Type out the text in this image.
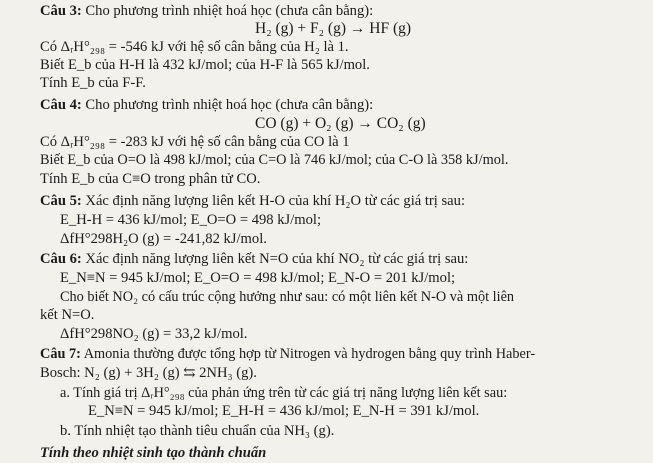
Câu 3: Cho phương trình nhiệt hoá học (chưa cân bằng):
H₂ (g) + F₂ (g) → HF (g)
Có ΔᵣH°₂₉₈ = -546 kJ với hệ số cân bằng của H₂ là 1.
Biết E_b của H-H là 432 kJ/mol; của H-F là 565 kJ/mol.
Tính E_b của F-F.
Câu 4: Cho phương trình nhiệt hoá học (chưa cân bằng):
CO (g) + O₂ (g) → CO₂ (g)
Có ΔᵣH°₂₉₈ = -283 kJ với hệ số cân bằng của CO là 1
Biết E_b của O=O là 498 kJ/mol; của C=O là 746 kJ/mol; của C-O là 358 kJ/mol.
Tính E_b của C≡O trong phân tử CO.
Câu 5: Xác định năng lượng liên kết H-O của khí H₂O từ các giá trị sau:
E_H-H = 436 kJ/mol; E_O=O = 498 kJ/mol;
ΔfH°298H₂O (g) = -241,82 kJ/mol.
Câu 6: Xác định năng lượng liên kết N=O của khí NO₂ từ các giá trị sau:
E_N≡N = 945 kJ/mol; E_O=O = 498 kJ/mol; E_N-O = 201 kJ/mol;
Cho biết NO₂ có cấu trúc cộng hưởng như sau: có một liên kết N-O và một liên
kết N=O.
ΔfH°298NO₂ (g) = 33,2 kJ/mol.
Câu 7: Amonia thường được tổng hợp từ Nitrogen và hydrogen bằng quy trình Haber-
Bosch: N₂ (g) + 3H₂ (g) ⇆ 2NH₃ (g).
a. Tính giá trị ΔᵣH°₂₉₈ của phản ứng trên từ các giá trị năng lượng liên kết sau:
E_N≡N = 945 kJ/mol; E_H-H = 436 kJ/mol; E_N-H = 391 kJ/mol.
b. Tính nhiệt tạo thành tiêu chuẩn của NH₃ (g).
Tính theo nhiệt sinh tạo thành chuẩn
